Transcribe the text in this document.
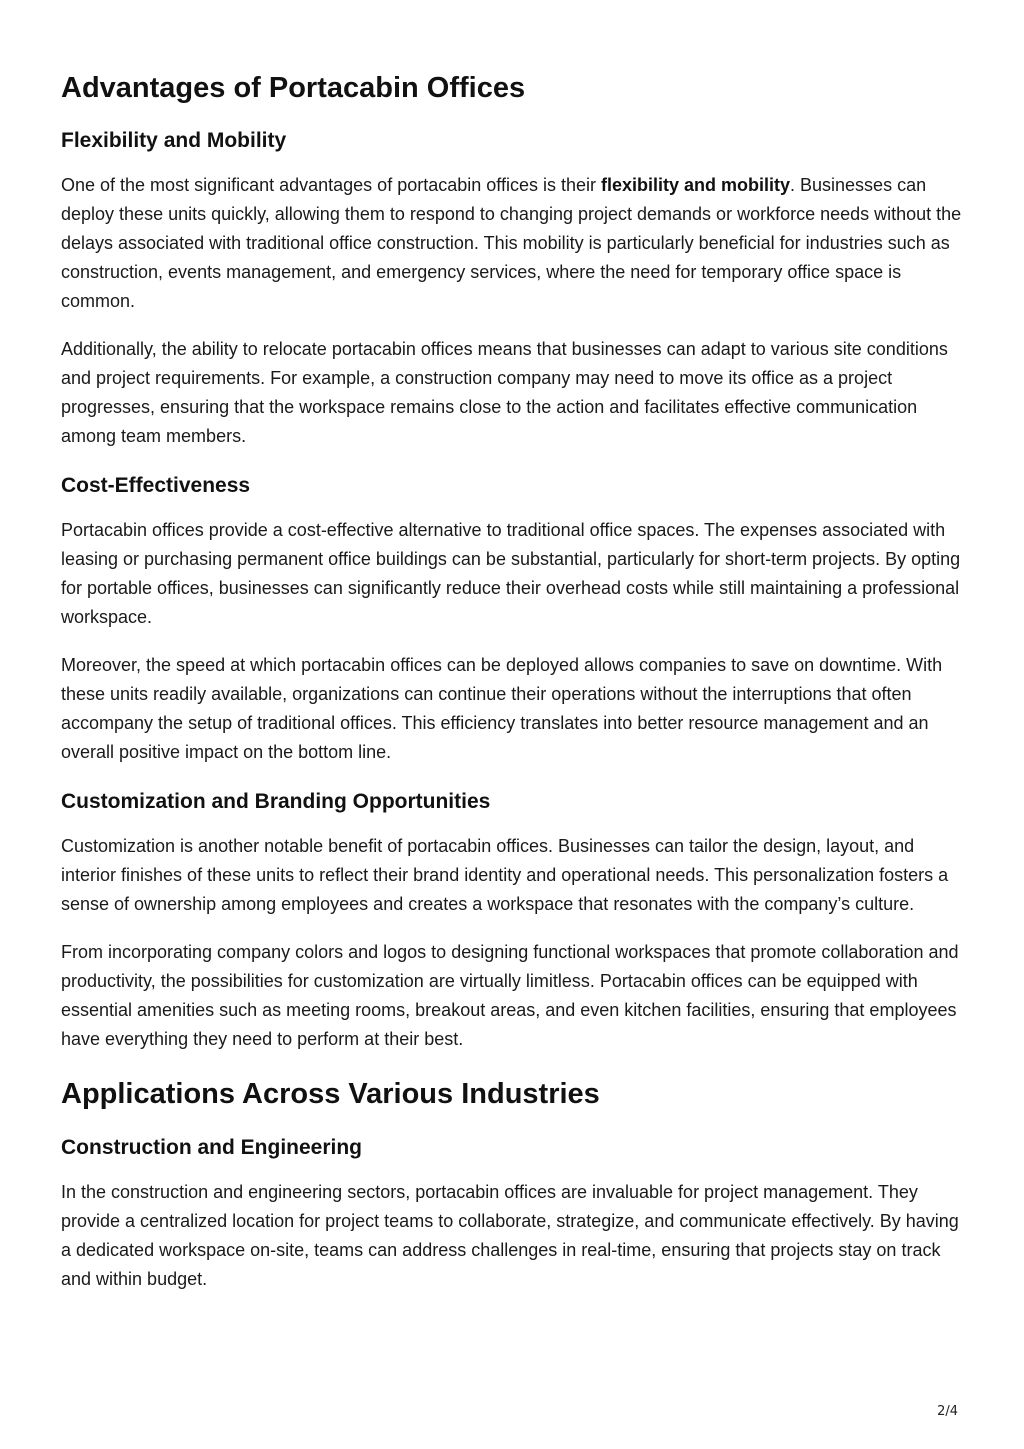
Advantages of Portacabin Offices
Flexibility and Mobility

One of the most significant advantages of portacabin offices is their flexibility and mobility. Businesses can deploy these units quickly, allowing them to respond to changing project demands or workforce needs without the delays associated with traditional office construction. This mobility is particularly beneficial for industries such as construction, events management, and emergency services, where the need for temporary office space is common.

Additionally, the ability to relocate portacabin offices means that businesses can adapt to various site conditions and project requirements. For example, a construction company may need to move its office as a project progresses, ensuring that the workspace remains close to the action and facilitates effective communication among team members.

Cost-Effectiveness

Portacabin offices provide a cost-effective alternative to traditional office spaces. The expenses associated with leasing or purchasing permanent office buildings can be substantial, particularly for short-term projects. By opting for portable offices, businesses can significantly reduce their overhead costs while still maintaining a professional workspace.

Moreover, the speed at which portacabin offices can be deployed allows companies to save on downtime. With these units readily available, organizations can continue their operations without the interruptions that often accompany the setup of traditional offices. This efficiency translates into better resource management and an overall positive impact on the bottom line.

Customization and Branding Opportunities

Customization is another notable benefit of portacabin offices. Businesses can tailor the design, layout, and interior finishes of these units to reflect their brand identity and operational needs. This personalization fosters a sense of ownership among employees and creates a workspace that resonates with the company’s culture.

From incorporating company colors and logos to designing functional workspaces that promote collaboration and productivity, the possibilities for customization are virtually limitless. Portacabin offices can be equipped with essential amenities such as meeting rooms, breakout areas, and even kitchen facilities, ensuring that employees have everything they need to perform at their best.

Applications Across Various Industries
Construction and Engineering

In the construction and engineering sectors, portacabin offices are invaluable for project management. They provide a centralized location for project teams to collaborate, strategize, and communicate effectively. By having a dedicated workspace on-site, teams can address challenges in real-time, ensuring that projects stay on track and within budget.

2/4
